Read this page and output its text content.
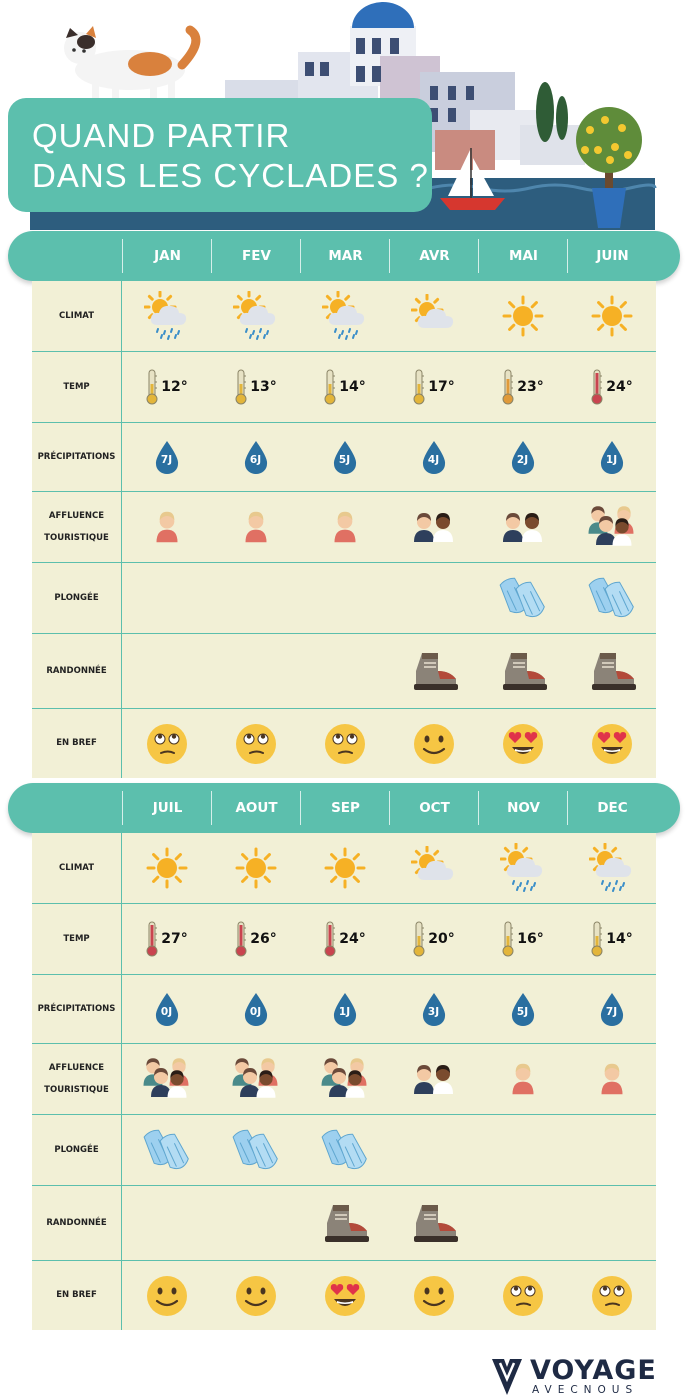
QUAND PARTIR
DANS LES CYCLADES ?
JAN	FEV	MAR	AVR	MAI	JUIN
CLIMAT
TEMP	12°	13°	14°	17°	23°	24°
PRÉCIPITATIONS	7J	6J	5J	4J	2J	1J
AFFLUENCE

TOURISTIQUE
PLONGÉE
RANDONNÉE
EN BREF
JUIL	AOUT	SEP	OCT	NOV	DEC
CLIMAT
TEMP	27°	26°	24°	20°	16°	14°
PRÉCIPITATIONS	0J	0J	1J	3J	5J	7J
AFFLUENCE

TOURISTIQUE
PLONGÉE
RANDONNÉE
EN BREF
VOYAGE
AVECNOUS
